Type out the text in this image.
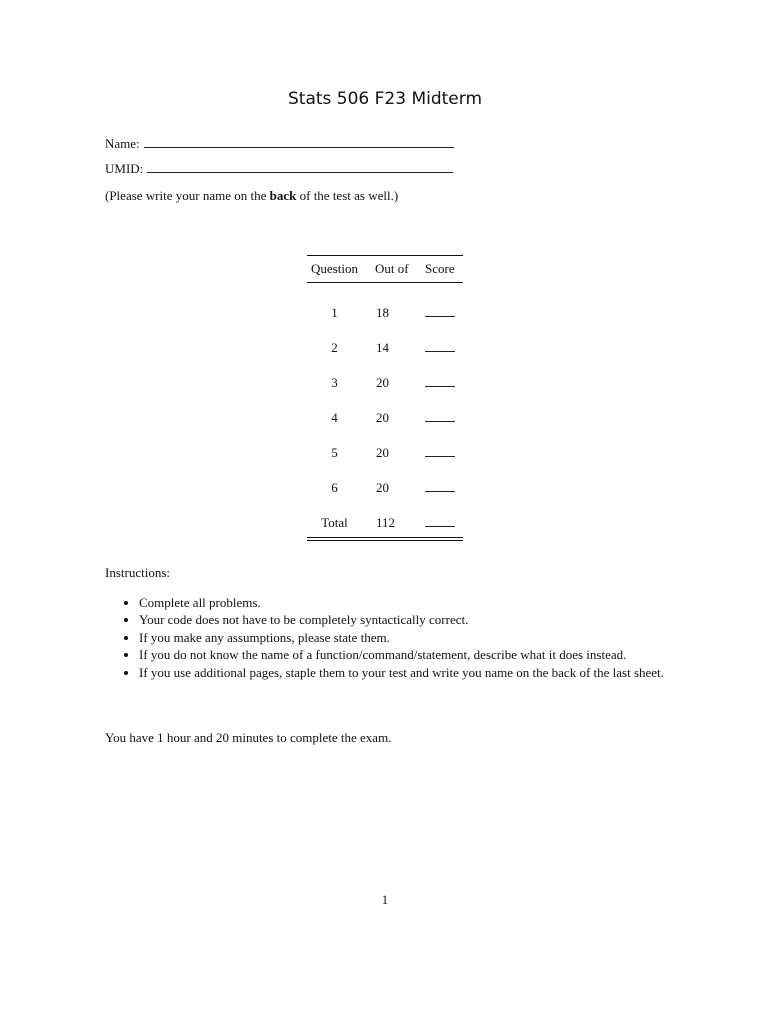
Stats 506 F23 Midterm
Name:
UMID:
(Please write your name on the back of the test as well.)
Question	Out of	Score
1	18
2	14
3	20
4	20
5	20
6	20
Total	112
Instructions:
• Complete all problems.
• Your code does not have to be completely syntactically correct.
• If you make any assumptions, please state them.
• If you do not know the name of a function/command/statement, describe what it does instead.
• If you use additional pages, staple them to your test and write you name on the back of the last sheet.
You have 1 hour and 20 minutes to complete the exam.
1
